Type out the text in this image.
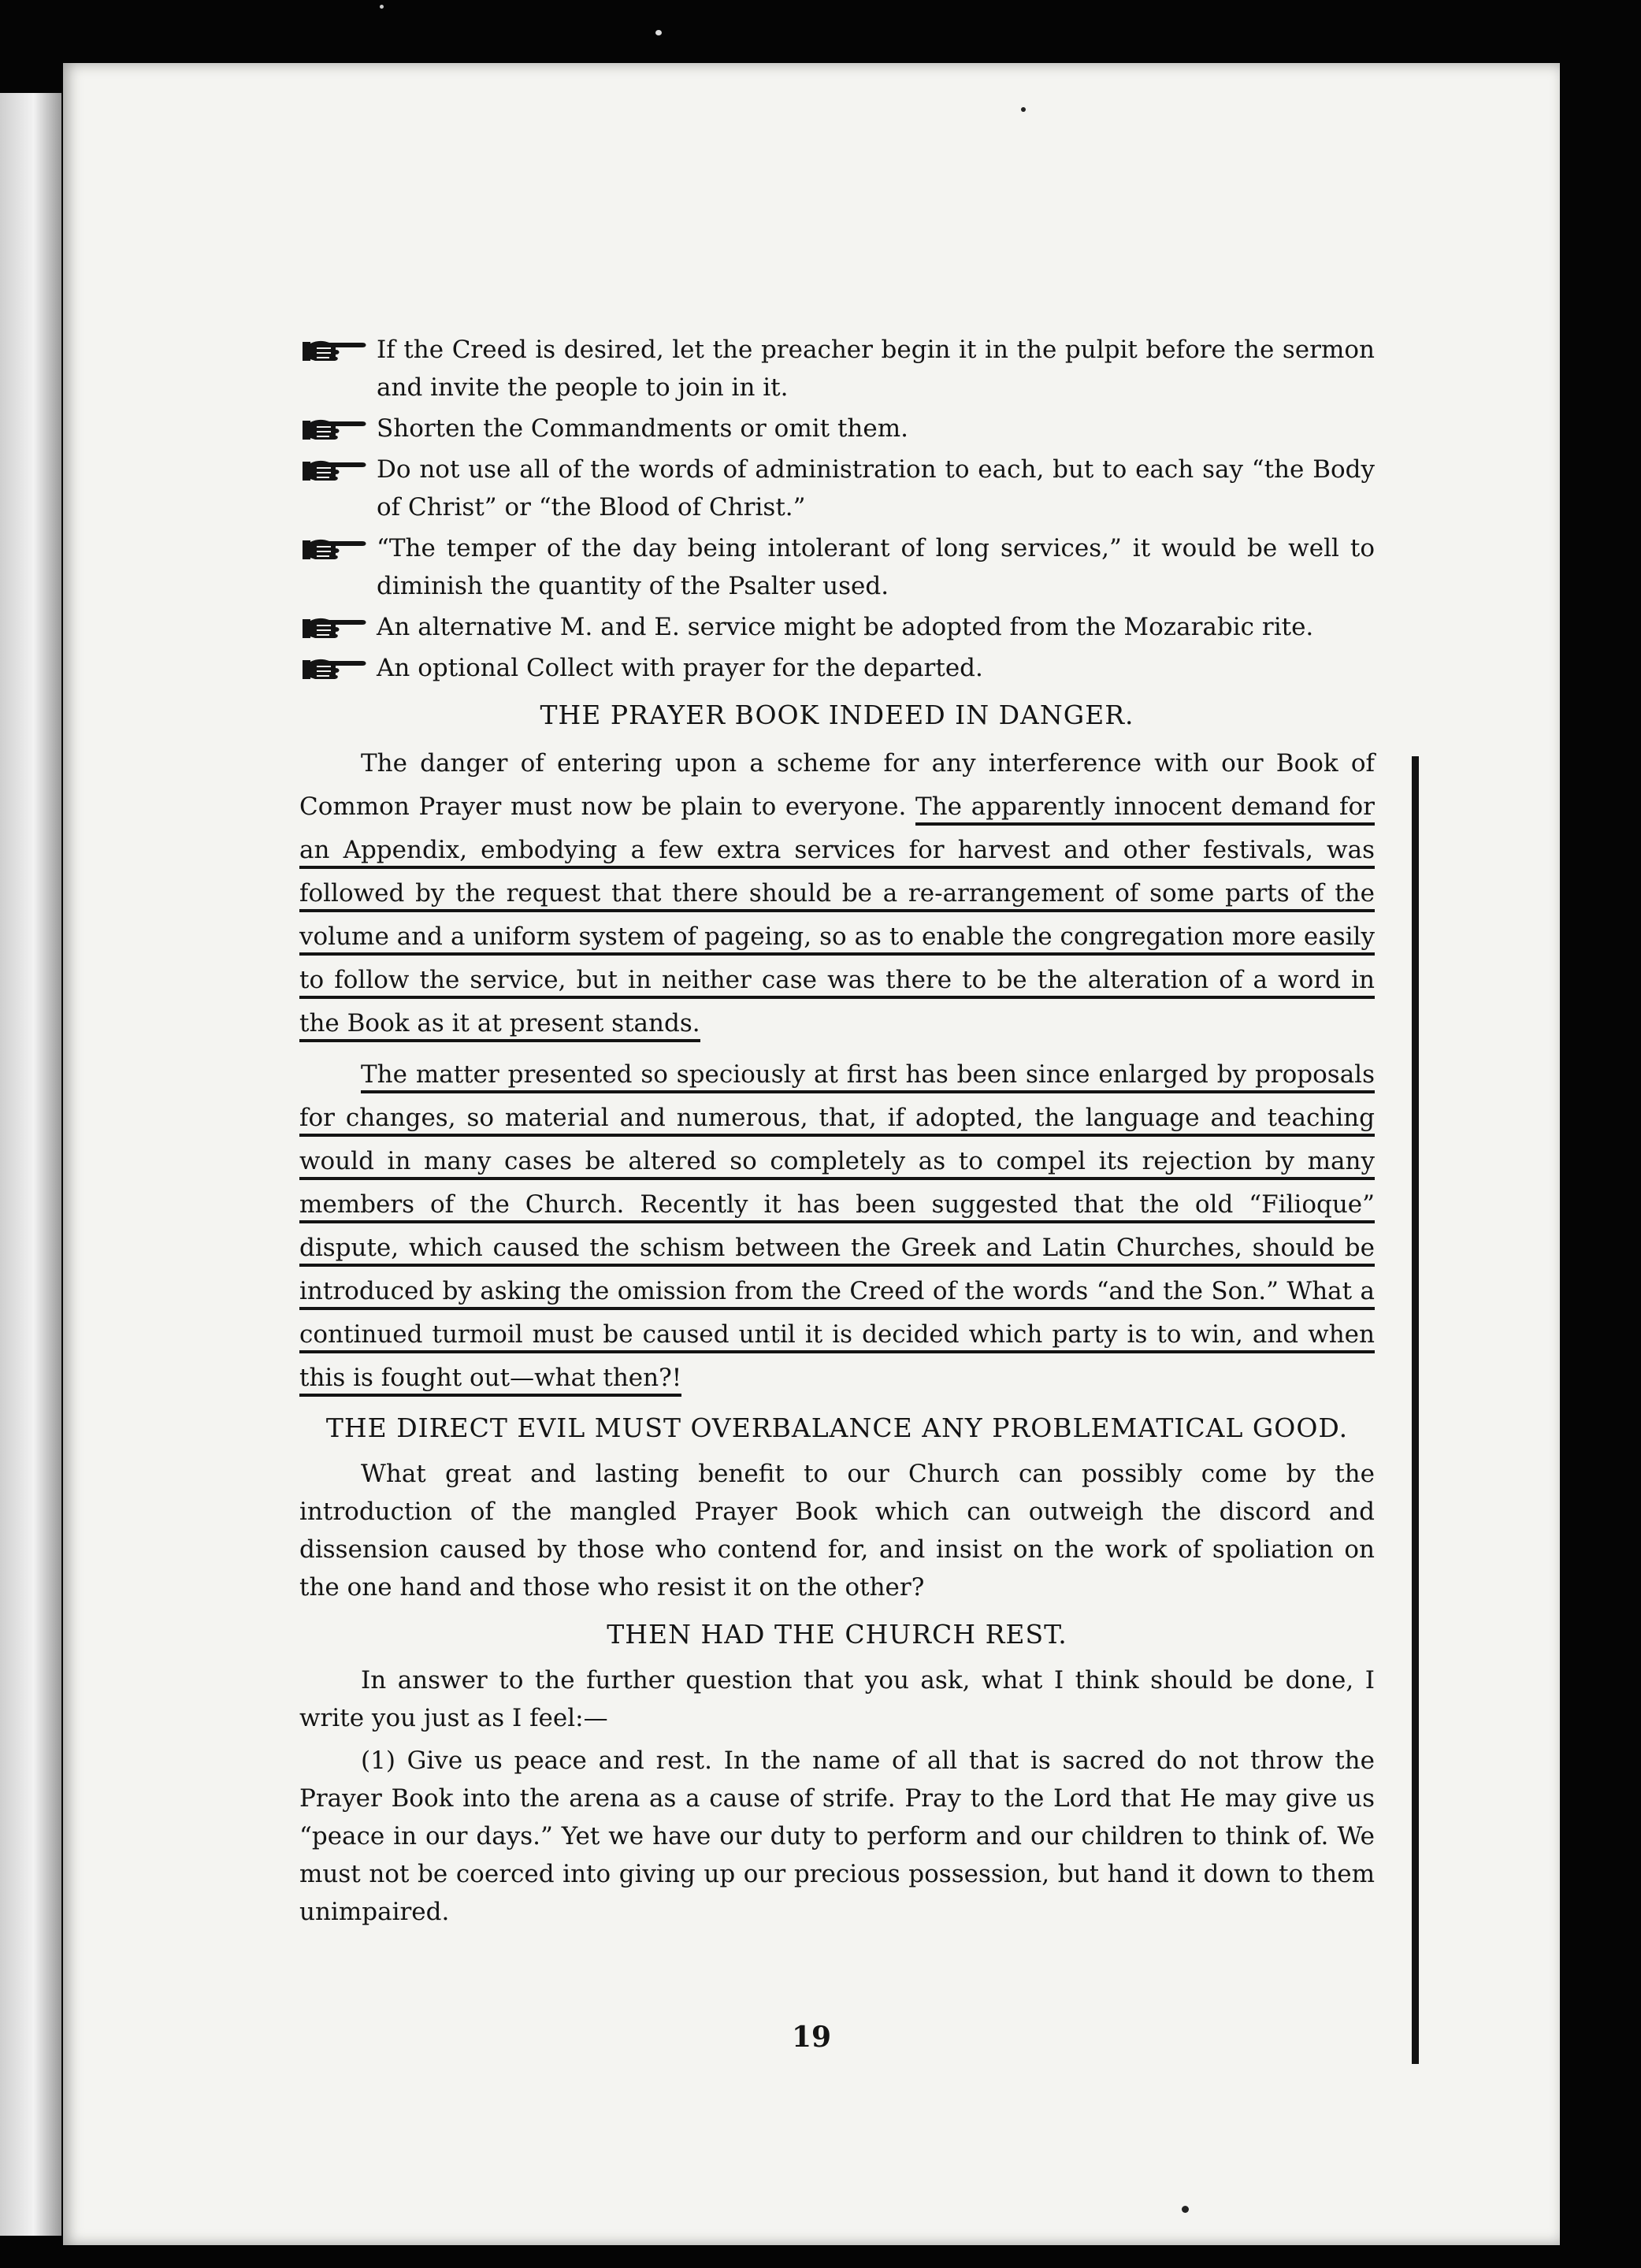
If the Creed is desired, let the preacher begin it in the pulpit before the sermon and invite the people to join in it.
Shorten the Commandments or omit them.
Do not use all of the words of administration to each, but to each say “the Body of Christ” or “the Blood of Christ.”
“The temper of the day being intolerant of long services,” it would be well to diminish the quantity of the Psalter used.
An alternative M. and E. service might be adopted from the Mozarabic rite.
An optional Collect with prayer for the departed.
THE PRAYER BOOK INDEED IN DANGER.

The danger of entering upon a scheme for any interference with our Book of Common Prayer must now be plain to everyone. The apparently innocent demand for an Appendix, embodying a few extra services for harvest and other festivals, was followed by the request that there should be a re-arrangement of some parts of the volume and a uniform system of pageing, so as to enable the congregation more easily to follow the service, but in neither case was there to be the alteration of a word in the Book as it at present stands.

The matter presented so speciously at first has been since enlarged by proposals for changes, so material and numerous, that, if adopted, the language and teaching would in many cases be altered so completely as to compel its rejection by many members of the Church. Recently it has been suggested that the old “Filioque” dispute, which caused the schism between the Greek and Latin Churches, should be introduced by asking the omission from the Creed of the words “and the Son.” What a continued turmoil must be caused until it is decided which party is to win, and when this is fought out—what then?!

THE DIRECT EVIL MUST OVERBALANCE ANY PROBLEMATICAL GOOD.

What great and lasting benefit to our Church can possibly come by the introduction of the mangled Prayer Book which can outweigh the discord and dissension caused by those who contend for, and insist on the work of spoliation on the one hand and those who resist it on the other?

THEN HAD THE CHURCH REST.

In answer to the further question that you ask, what I think should be done, I write you just as I feel:—

(1) Give us peace and rest. In the name of all that is sacred do not throw the Prayer Book into the arena as a cause of strife. Pray to the Lord that He may give us “peace in our days.” Yet we have our duty to perform and our children to think of. We must not be coerced into giving up our precious possession, but hand it down to them unimpaired.

19
